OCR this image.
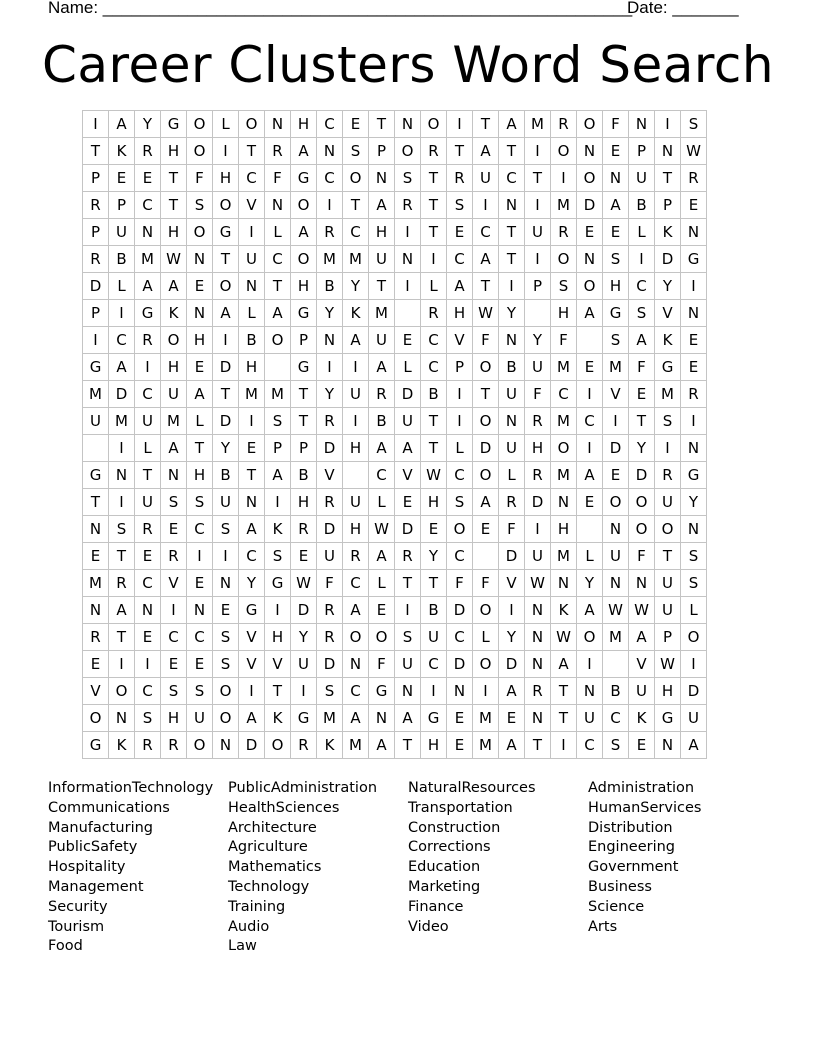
Name: ________________________________________________________
Date: _______
Career Clusters Word Search
I	A	Y	G	O	L	O	N	H	C	E	T	N	O	I	T	A	M	R	O	F	N	I	S
T	K	R	H	O	I	T	R	A	N	S	P	O	R	T	A	T	I	O	N	E	P	N	W
P	E	E	T	F	H	C	F	G	C	O	N	S	T	R	U	C	T	I	O	N	U	T	R
R	P	C	T	S	O	V	N	O	I	T	A	R	T	S	I	N	I	M	D	A	B	P	E
P	U	N	H	O	G	I	L	A	R	C	H	I	T	E	C	T	U	R	E	E	L	K	N
R	B	M	W	N	T	U	C	O	M	M	U	N	I	C	A	T	I	O	N	S	I	D	G
D	L	A	A	E	O	N	T	H	B	Y	T	I	L	A	T	I	P	S	O	H	C	Y	I
P	I	G	K	N	A	L	A	G	Y	K	M		R	H	W	Y		H	A	G	S	V	N
I	C	R	O	H	I	B	O	P	N	A	U	E	C	V	F	N	Y	F		S	A	K	E
G	A	I	H	E	D	H		G	I	I	A	L	C	P	O	B	U	M	E	M	F	G	E
M	D	C	U	A	T	M	M	T	Y	U	R	D	B	I	T	U	F	C	I	V	E	M	R
U	M	U	M	L	D	I	S	T	R	I	B	U	T	I	O	N	R	M	C	I	T	S	I
	I	L	A	T	Y	E	P	P	D	H	A	A	T	L	D	U	H	O	I	D	Y	I	N
G	N	T	N	H	B	T	A	B	V		C	V	W	C	O	L	R	M	A	E	D	R	G
T	I	U	S	S	U	N	I	H	R	U	L	E	H	S	A	R	D	N	E	O	O	U	Y
N	S	R	E	C	S	A	K	R	D	H	W	D	E	O	E	F	I	H		N	O	O	N
E	T	E	R	I	I	C	S	E	U	R	A	R	Y	C		D	U	M	L	U	F	T	S
M	R	C	V	E	N	Y	G	W	F	C	L	T	T	F	F	V	W	N	Y	N	N	U	S
N	A	N	I	N	E	G	I	D	R	A	E	I	B	D	O	I	N	K	A	W	W	U	L
R	T	E	C	C	S	V	H	Y	R	O	O	S	U	C	L	Y	N	W	O	M	A	P	O
E	I	I	E	E	S	V	V	U	D	N	F	U	C	D	O	D	N	A	I		V	W	I
V	O	C	S	S	O	I	T	I	S	C	G	N	I	N	I	A	R	T	N	B	U	H	D
O	N	S	H	U	O	A	K	G	M	A	N	A	G	E	M	E	N	T	U	C	K	G	U
G	K	R	R	O	N	D	O	R	K	M	A	T	H	E	M	A	T	I	C	S	E	N	A
InformationTechnology
Communications
Manufacturing
PublicSafety
Hospitality
Management
Security
Tourism
Food
PublicAdministration
HealthSciences
Architecture
Agriculture
Mathematics
Technology
Training
Audio
Law
NaturalResources
Transportation
Construction
Corrections
Education
Marketing
Finance
Video
Administration
HumanServices
Distribution
Engineering
Government
Business
Science
Arts
